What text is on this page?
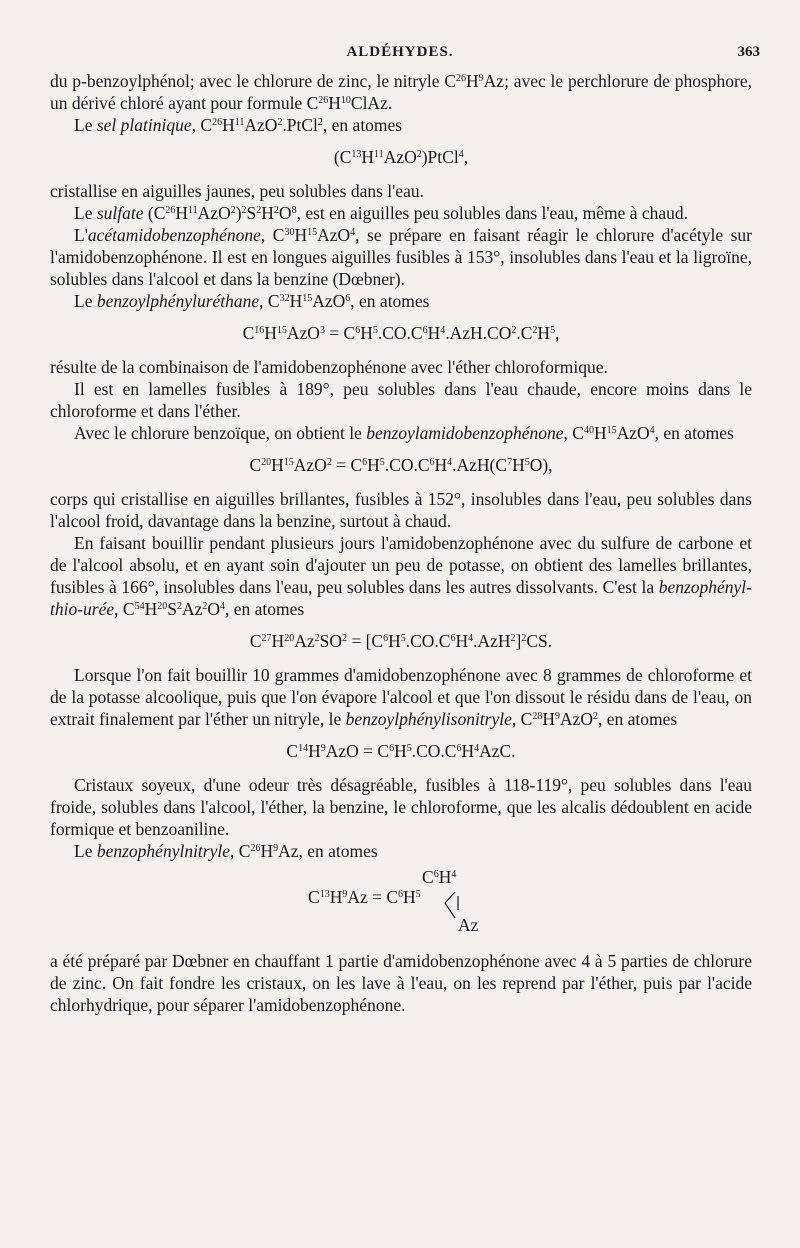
ALDÉHYDES.	363

du p-benzoylphénol; avec le chlorure de zinc, le nitryle $C^{26}H^9Az$; avec le perchlorure de phosphore, un dérivé chloré ayant pour formule $C^{26}H^{10}ClAz$.

Le sel platinique, $C^{26}H^{11}AzO^2.PtCl^2$, en atomes

$(C^{13}H^{11}AzO^2)PtCl^4$,

cristallise en aiguilles jaunes, peu solubles dans l'eau.

Le sulfate $(C^{26}H^{11}AzO^2)^2S^2H^2O^8$, est en aiguilles peu solubles dans l'eau, même à chaud.

L'acétamidobenzophénone, $C^{30}H^{15}AzO^4$, se prépare en faisant réagir le chlorure d'acétyle sur l'amidobenzophénone. Il est en longues aiguilles fusibles à 153°, insolubles dans l'eau et la ligroïne, solubles dans l'alcool et dans la benzine (Dœbner).

Le benzoylphényluréthane, $C^{32}H^{15}AzO^6$, en atomes

$C^{16}H^{15}AzO^3 = C^6H^5.CO.C^6H^4.AzH.CO^2.C^2H^5$,

résulte de la combinaison de l'amidobenzophénone avec l'éther chloroformique.

Il est en lamelles fusibles à 189°, peu solubles dans l'eau chaude, encore moins dans le chloroforme et dans l'éther.

Avec le chlorure benzoïque, on obtient le benzoylamidobenzophénone, $C^{40}H^{15}AzO^4$, en atomes

$C^{20}H^{15}AzO^2 = C^6H^5.CO.C^6H^4.AzH(C^7H^5O)$,

corps qui cristallise en aiguilles brillantes, fusibles à 152°, insolubles dans l'eau, peu solubles dans l'alcool froid, davantage dans la benzine, surtout à chaud.

En faisant bouillir pendant plusieurs jours l'amidobenzophénone avec du sulfure de carbone et de l'alcool absolu, et en ayant soin d'ajouter un peu de potasse, on obtient des lamelles brillantes, fusibles à 166°, insolubles dans l'eau, peu solubles dans les autres dissolvants. C'est la benzophényl-thio-urée, $C^{54}H^{20}S^2Az^2O^4$, en atomes

$C^{27}H^{20}Az^2SO^2 = [C^6H^5.CO.C^6H^4.AzH^2]^2CS$.

Lorsque l'on fait bouillir 10 grammes d'amidobenzophénone avec 8 grammes de chloroforme et de la potasse alcoolique, puis que l'on évapore l'alcool et que l'on dissout le résidu dans de l'eau, on extrait finalement par l'éther un nitryle, le benzoylphénylisonitryle, $C^{28}H^9AzO^2$, en atomes

$C^{14}H^9AzO = C^6H^5.CO.C^6H^4AzC$.

Cristaux soyeux, d'une odeur très désagréable, fusibles à 118-119°, peu solubles dans l'eau froide, solubles dans l'alcool, l'éther, la benzine, le chloroforme, que les alcalis dédoublent en acide formique et benzoaniline.

Le benzophénylnitryle, $C^{26}H^9Az$, en atomes

$C^6H^4$
$C^{13}H^9Az = C^6H^5$
Az

a été préparé par Dœbner en chauffant 1 partie d'amidobenzophénone avec 4 à 5 parties de chlorure de zinc. On fait fondre les cristaux, on les lave à l'eau, on les reprend par l'éther, puis par l'acide chlorhydrique, pour séparer l'amidobenzophénone.
